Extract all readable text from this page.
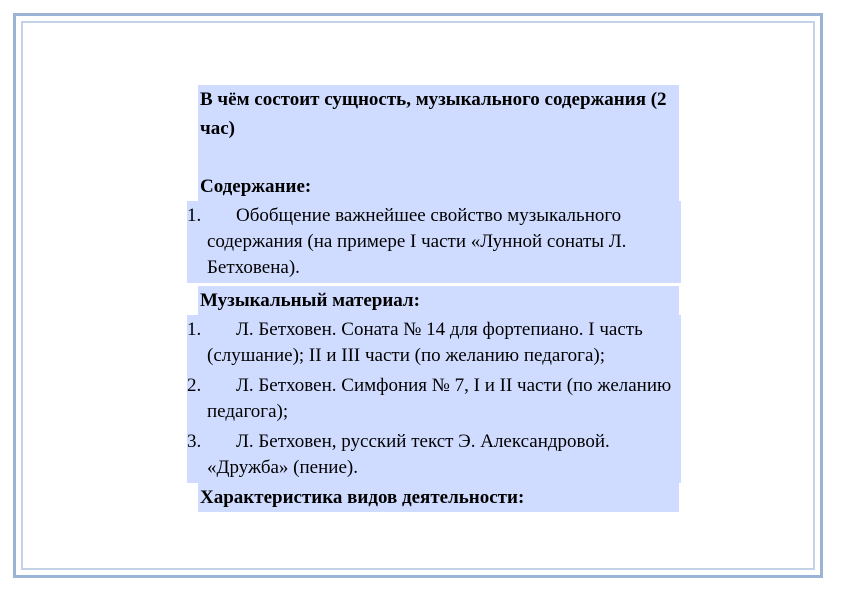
В чём состоит сущность, музыкального содержания (2 час)
Содержание:
1.	Обобщение важнейшее свойство музыкального содержания (на примере I части «Лунной сонаты Л. Бетховена).
Музыкальный материал:
1.	Л. Бетховен. Соната № 14 для фортепиано. I часть (слушание); II и III части (по желанию педагога);
2.	Л. Бетховен. Симфония № 7, I и II части (по желанию педагога);
3.	Л. Бетховен, русский текст Э. Александровой. «Дружба» (пение).
Характеристика видов деятельности:
